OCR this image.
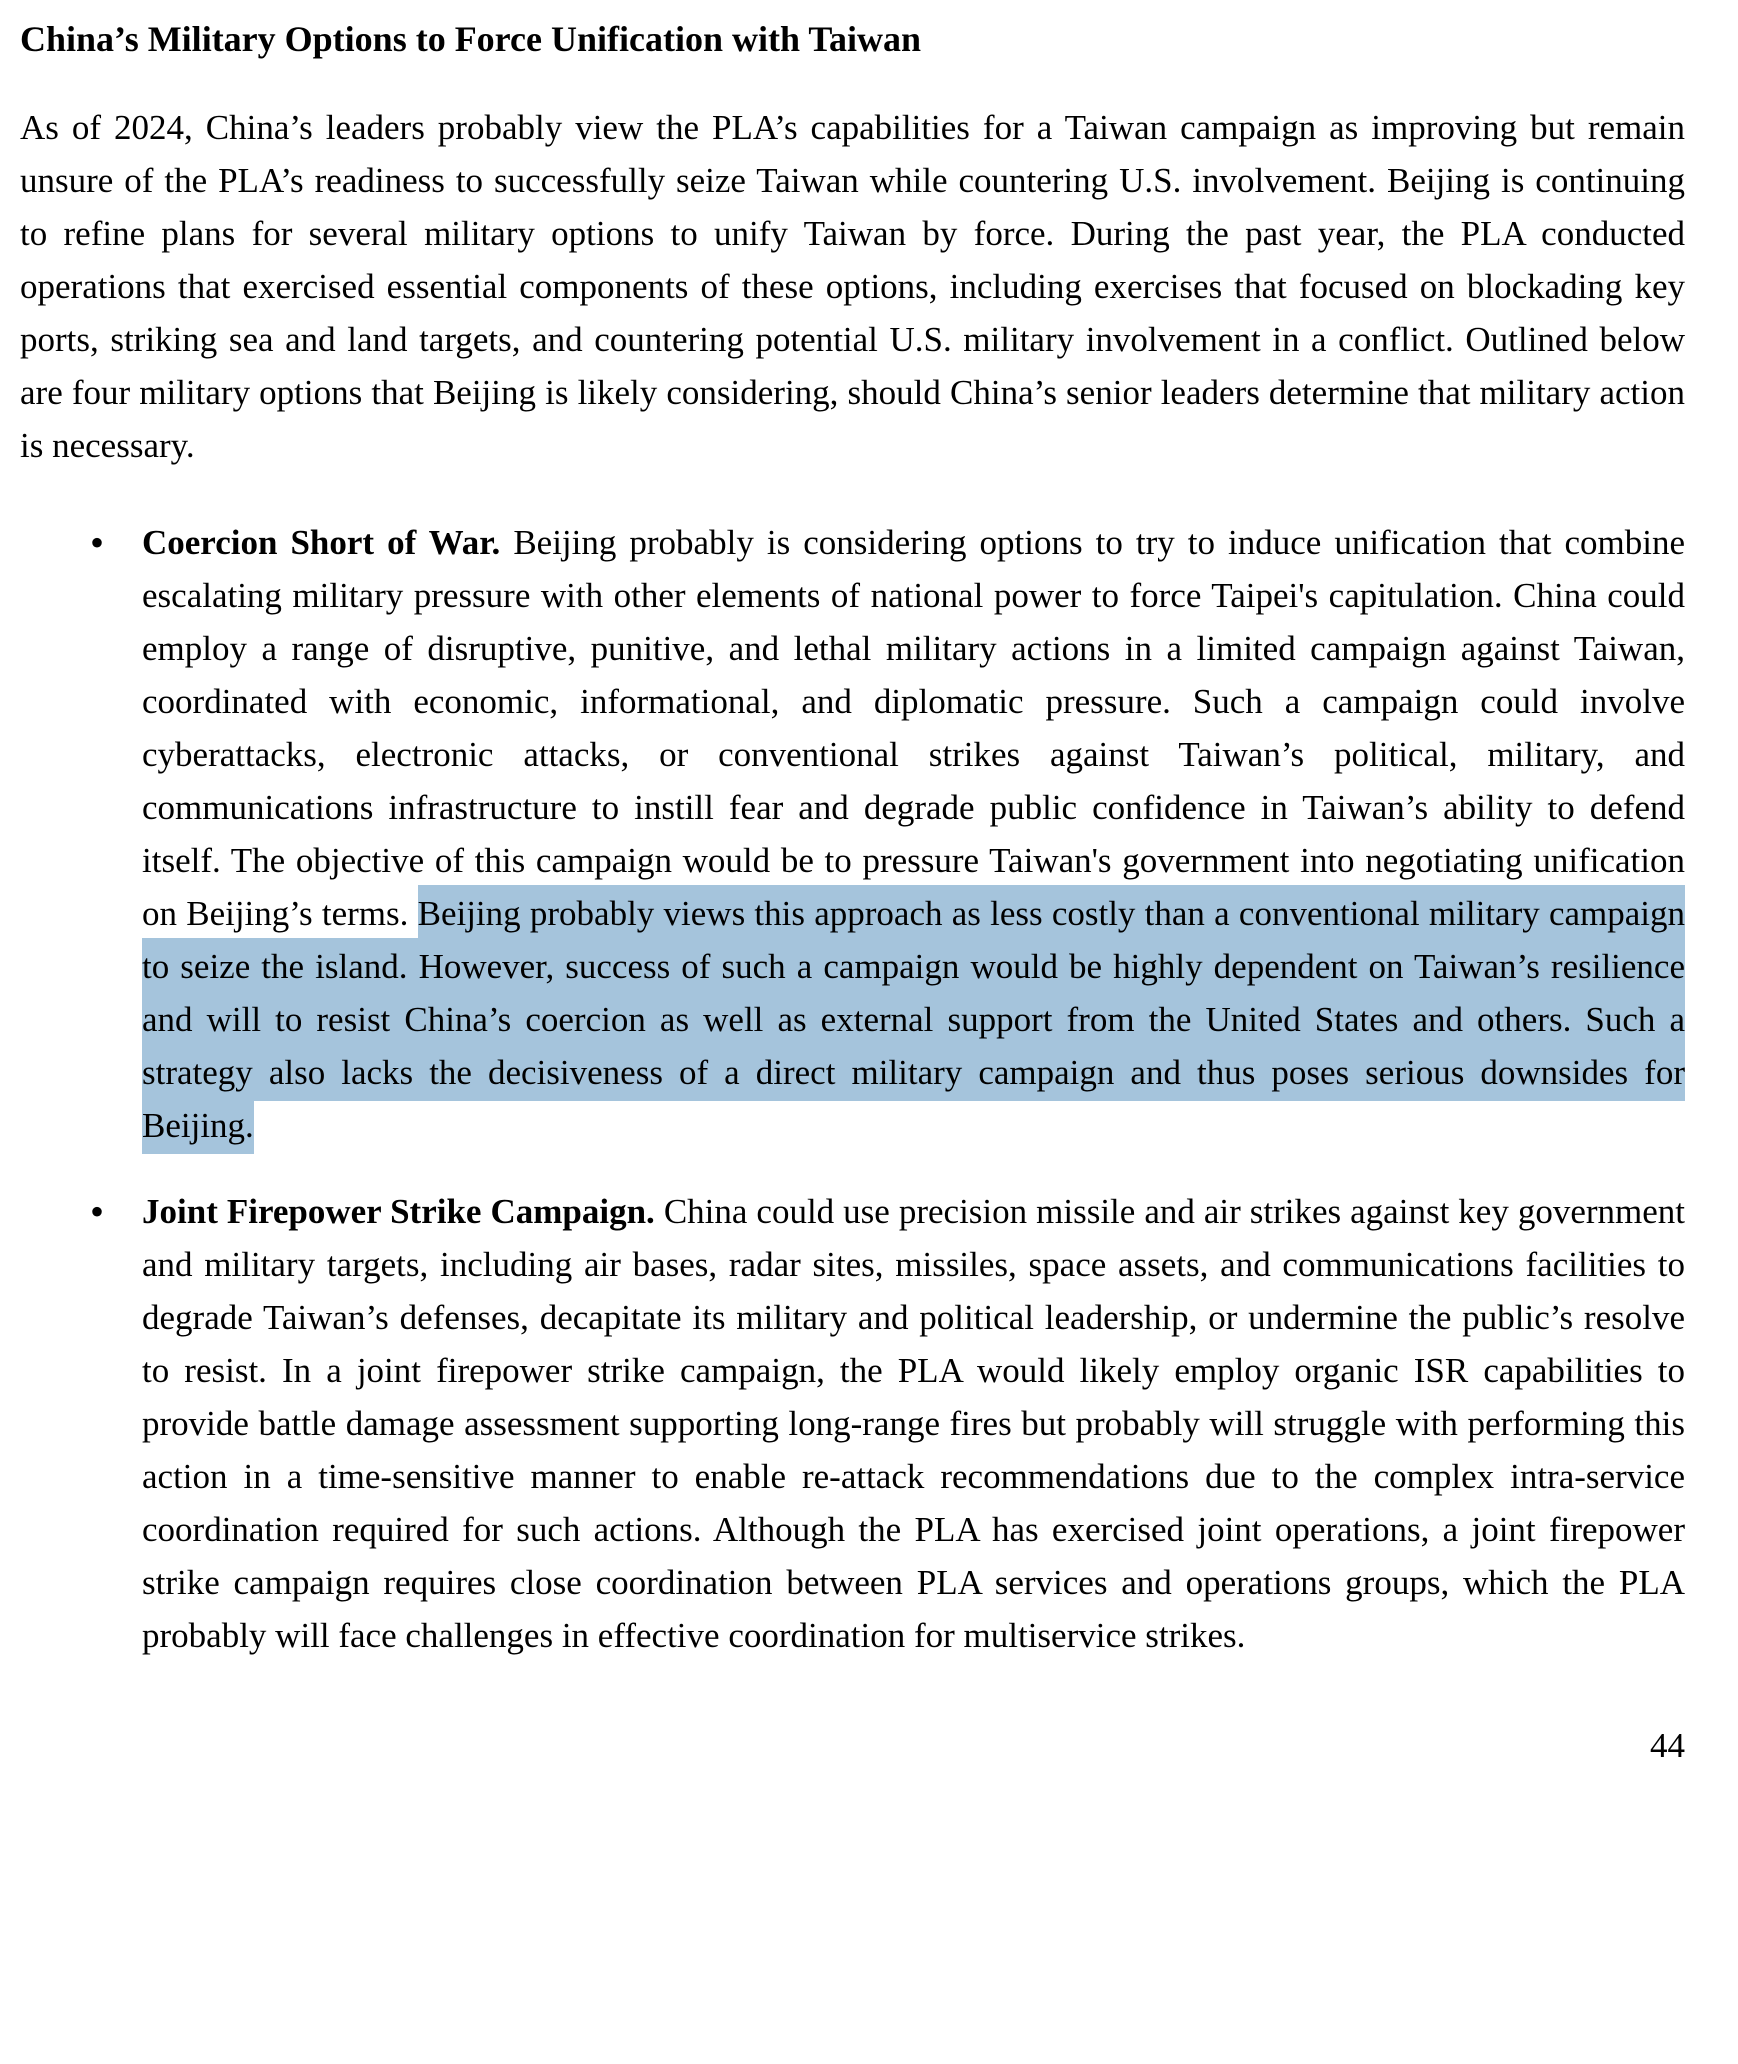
China’s Military Options to Force Unification with Taiwan

As of 2024, China’s leaders probably view the PLA’s capabilities for a Taiwan campaign as improving but remain unsure of the PLA’s readiness to successfully seize Taiwan while countering U.S. involvement. Beijing is continuing to refine plans for several military options to unify Taiwan by force. During the past year, the PLA conducted operations that exercised essential components of these options, including exercises that focused on blockading key ports, striking sea and land targets, and countering potential U.S. military involvement in a conflict. Outlined below are four military options that Beijing is likely considering, should China’s senior leaders determine that military action is necessary.

• Coercion Short of War. Beijing probably is considering options to try to induce unification that combine escalating military pressure with other elements of national power to force Taipei's capitulation. China could employ a range of disruptive, punitive, and lethal military actions in a limited campaign against Taiwan, coordinated with economic, informational, and diplomatic pressure. Such a campaign could involve cyberattacks, electronic attacks, or conventional strikes against Taiwan’s political, military, and communications infrastructure to instill fear and degrade public confidence in Taiwan’s ability to defend itself. The objective of this campaign would be to pressure Taiwan's government into negotiating unification on Beijing’s terms. Beijing probably views this approach as less costly than a conventional military campaign to seize the island. However, success of such a campaign would be highly dependent on Taiwan’s resilience and will to resist China’s coercion as well as external support from the United States and others. Such a strategy also lacks the decisiveness of a direct military campaign and thus poses serious downsides for Beijing.
• Joint Firepower Strike Campaign. China could use precision missile and air strikes against key government and military targets, including air bases, radar sites, missiles, space assets, and communications facilities to degrade Taiwan’s defenses, decapitate its military and political leadership, or undermine the public’s resolve to resist. In a joint firepower strike campaign, the PLA would likely employ organic ISR capabilities to provide battle damage assessment supporting long-range fires but probably will struggle with performing this action in a time-sensitive manner to enable re-attack recommendations due to the complex intra-service coordination required for such actions. Although the PLA has exercised joint operations, a joint firepower strike campaign requires close coordination between PLA services and operations groups, which the PLA probably will face challenges in effective coordination for multiservice strikes.
44
